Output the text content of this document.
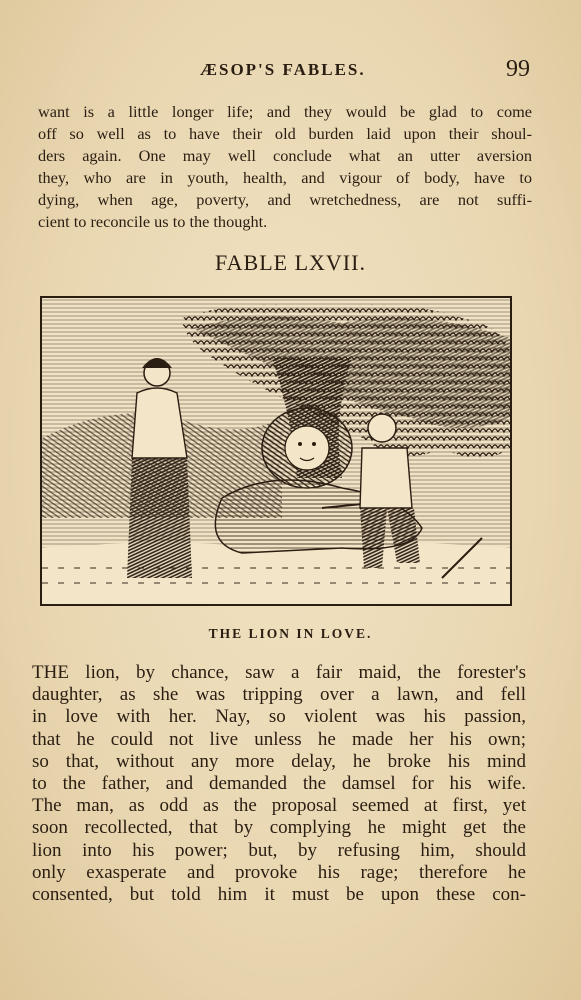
ÆSOP'S FABLES.	99
want is a little longer life; and they would be glad to come
off so well as to have their old burden laid upon their shoul-
ders again. One may well conclude what an utter aversion
they, who are in youth, health, and vigour of body, have to
dying, when age, poverty, and wretchedness, are not suffi-
cient to reconcile us to the thought.
FABLE LXVII.
THE LION IN LOVE.
THE lion, by chance, saw a fair maid, the forester's
daughter, as she was tripping over a lawn, and fell
in love with her. Nay, so violent was his passion,
that he could not live unless he made her his own;
so that, without any more delay, he broke his mind
to the father, and demanded the damsel for his wife.
The man, as odd as the proposal seemed at first, yet
soon recollected, that by complying he might get the
lion into his power; but, by refusing him, should
only exasperate and provoke his rage; therefore he
consented, but told him it must be upon these con-
